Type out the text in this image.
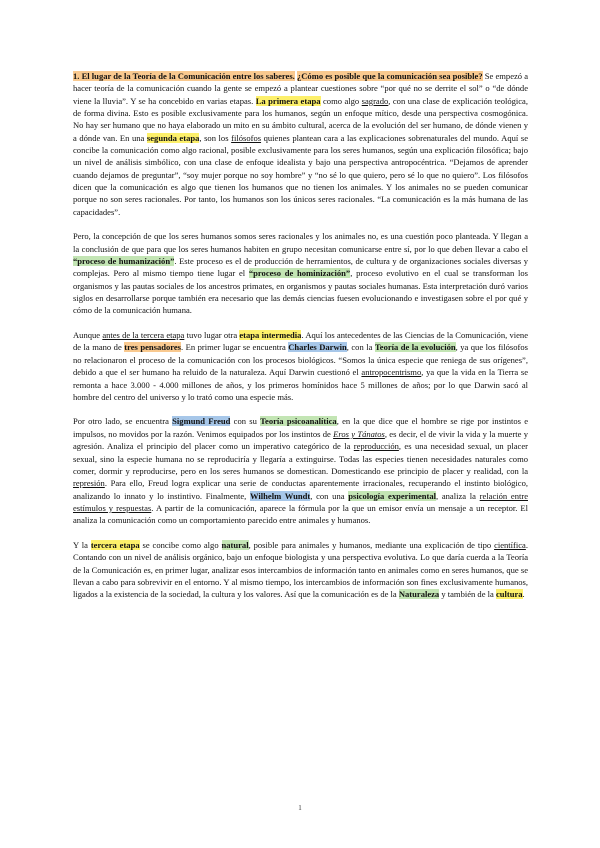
1. El lugar de la Teoría de la Comunicación entre los saberes. ¿Cómo es posible que la comunicación sea posible? Se empezó a hacer teoría de la comunicación cuando la gente se empezó a plantear cuestiones sobre “por qué no se derrite el sol” o “de dónde viene la lluvia”. Y se ha concebido en varias etapas. La primera etapa como algo sagrado, con una clase de explicación teológica, de forma divina. Esto es posible exclusivamente para los humanos, según un enfoque mítico, desde una perspectiva cosmogónica. No hay ser humano que no haya elaborado un mito en su ámbito cultural, acerca de la evolución del ser humano, de dónde vienen y a dónde van. En una segunda etapa, son los filósofos quienes plantean cara a las explicaciones sobrenaturales del mundo. Aquí se concibe la comunicación como algo racional, posible exclusivamente para los seres humanos, según una explicación filosófica; bajo un nivel de análisis simbólico, con una clase de enfoque idealista y bajo una perspectiva antropocéntrica. “Dejamos de aprender cuando dejamos de preguntar”, “soy mujer porque no soy hombre” y “no sé lo que quiero, pero sé lo que no quiero”. Los filósofos dicen que la comunicación es algo que tienen los humanos que no tienen los animales. Y los animales no se pueden comunicar porque no son seres racionales. Por tanto, los humanos son los únicos seres racionales. “La comunicación es la más humana de las capacidades”.

Pero, la concepción de que los seres humanos somos seres racionales y los animales no, es una cuestión poco planteada. Y llegan a la conclusión de que para que los seres humanos habiten en grupo necesitan comunicarse entre sí, por lo que deben llevar a cabo el “proceso de humanización”. Este proceso es el de producción de herramientos, de cultura y de organizaciones sociales diversas y complejas. Pero al mismo tiempo tiene lugar el “proceso de hominización”, proceso evolutivo en el cual se transforman los organismos y las pautas sociales de los ancestros primates, en organismos y pautas sociales humanas. Esta interpretación duró varios siglos en desarrollarse porque también era necesario que las demás ciencias fuesen evolucionando e investigasen sobre el por qué y cómo de la comunicación humana.

Aunque antes de la tercera etapa tuvo lugar otra etapa intermedia. Aquí los antecedentes de las Ciencias de la Comunicación, viene de la mano de tres pensadores. En primer lugar se encuentra Charles Darwin, con la Teoría de la evolución, ya que los filósofos no relacionaron el proceso de la comunicación con los procesos biológicos. “Somos la única especie que reniega de sus orígenes”, debido a que el ser humano ha reluido de la naturaleza. Aquí Darwin cuestionó el antropocentrismo, ya que la vida en la Tierra se remonta a hace 3.000 - 4.000 millones de años, y los primeros homínidos hace 5 millones de años; por lo que Darwin sacó al hombre del centro del universo y lo trató como una especie más.

Por otro lado, se encuentra Sigmund Freud con su Teoría psicoanalítica, en la que dice que el hombre se rige por instintos e impulsos, no movidos por la razón. Venimos equipados por los instintos de Eros y Tánatos, es decir, el de vivir la vida y la muerte y agresión. Analiza el principio del placer como un imperativo categórico de la reproducción, es una necesidad sexual, un placer sexual, sino la especie humana no se reproduciría y llegaría a extinguirse. Todas las especies tienen necesidades naturales como comer, dormir y reproducirse, pero en los seres humanos se domestican. Domesticando ese principio de placer y realidad, con la represión. Para ello, Freud logra explicar una serie de conductas aparentemente irracionales, recuperando el instinto biológico, analizando lo innato y lo instintivo. Finalmente, Wilhelm Wundt, con una psicología experimental, analiza la relación entre estímulos y respuestas. A partir de la comunicación, aparece la fórmula por la que un emisor envía un mensaje a un receptor. El analiza la comunicación como un comportamiento parecido entre animales y humanos.

Y la tercera etapa se concibe como algo natural, posible para animales y humanos, mediante una explicación de tipo científica. Contando con un nivel de análisis orgánico, bajo un enfoque biologista y una perspectiva evolutiva. Lo que daría cuerda a la Teoría de la Comunicación es, en primer lugar, analizar esos intercambios de información tanto en animales como en seres humanos, que se llevan a cabo para sobrevivir en el entorno. Y al mismo tiempo, los intercambios de información son fines exclusivamente humanos, ligados a la existencia de la sociedad, la cultura y los valores. Así que la comunicación es de la Naturaleza y también de la cultura.

1
